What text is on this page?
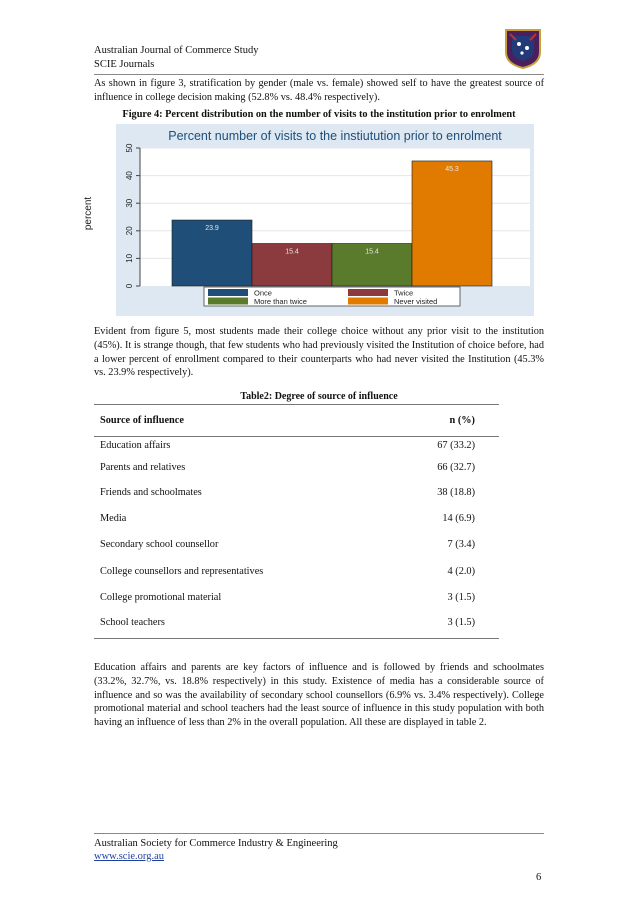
Australian Journal of Commerce Study
SCIE Journals
As shown in figure 3, stratification by gender (male vs. female) showed self to have the greatest source of influence in college decision making (52.8% vs. 48.4% respectively).
Figure 4: Percent distribution on the number of visits to the institution prior to enrolment
Percent number of visits to the instiutution prior to enrolment
0
10
20
30
40
50
23.9
15.4	15.4
45.3
Once	Twice
More than twice	Never visited
percent
Evident from figure 5, most students made their college choice without any prior visit to the institution (45%). It is strange though, that few students who had previously visited the Institution of choice before, had a lower percent of enrollment compared to their counterparts who had never visited the Institution (45.3% vs. 23.9% respectively).
Table2: Degree of source of influence
Source of influence	n (%)
Education affairs	67 (33.2)
Parents and relatives	66 (32.7)
Friends and schoolmates	38 (18.8)
Media	14 (6.9)
Secondary school counsellor	7 (3.4)
College counsellors and representatives	4 (2.0)
College promotional material	3 (1.5)
School teachers	3 (1.5)
Education affairs and parents are key factors of influence and is followed by friends and schoolmates (33.2%, 32.7%, vs. 18.8% respectively) in this study. Existence of media has a considerable source of influence and so was the availability of secondary school counsellors (6.9% vs. 3.4% respectively). College promotional material and school teachers had the least source of influence in this study population with both having an influence of less than 2% in the overall population. All these are displayed in table 2.
Australian Society for Commerce Industry & Engineering
www.scie.org.au
6
